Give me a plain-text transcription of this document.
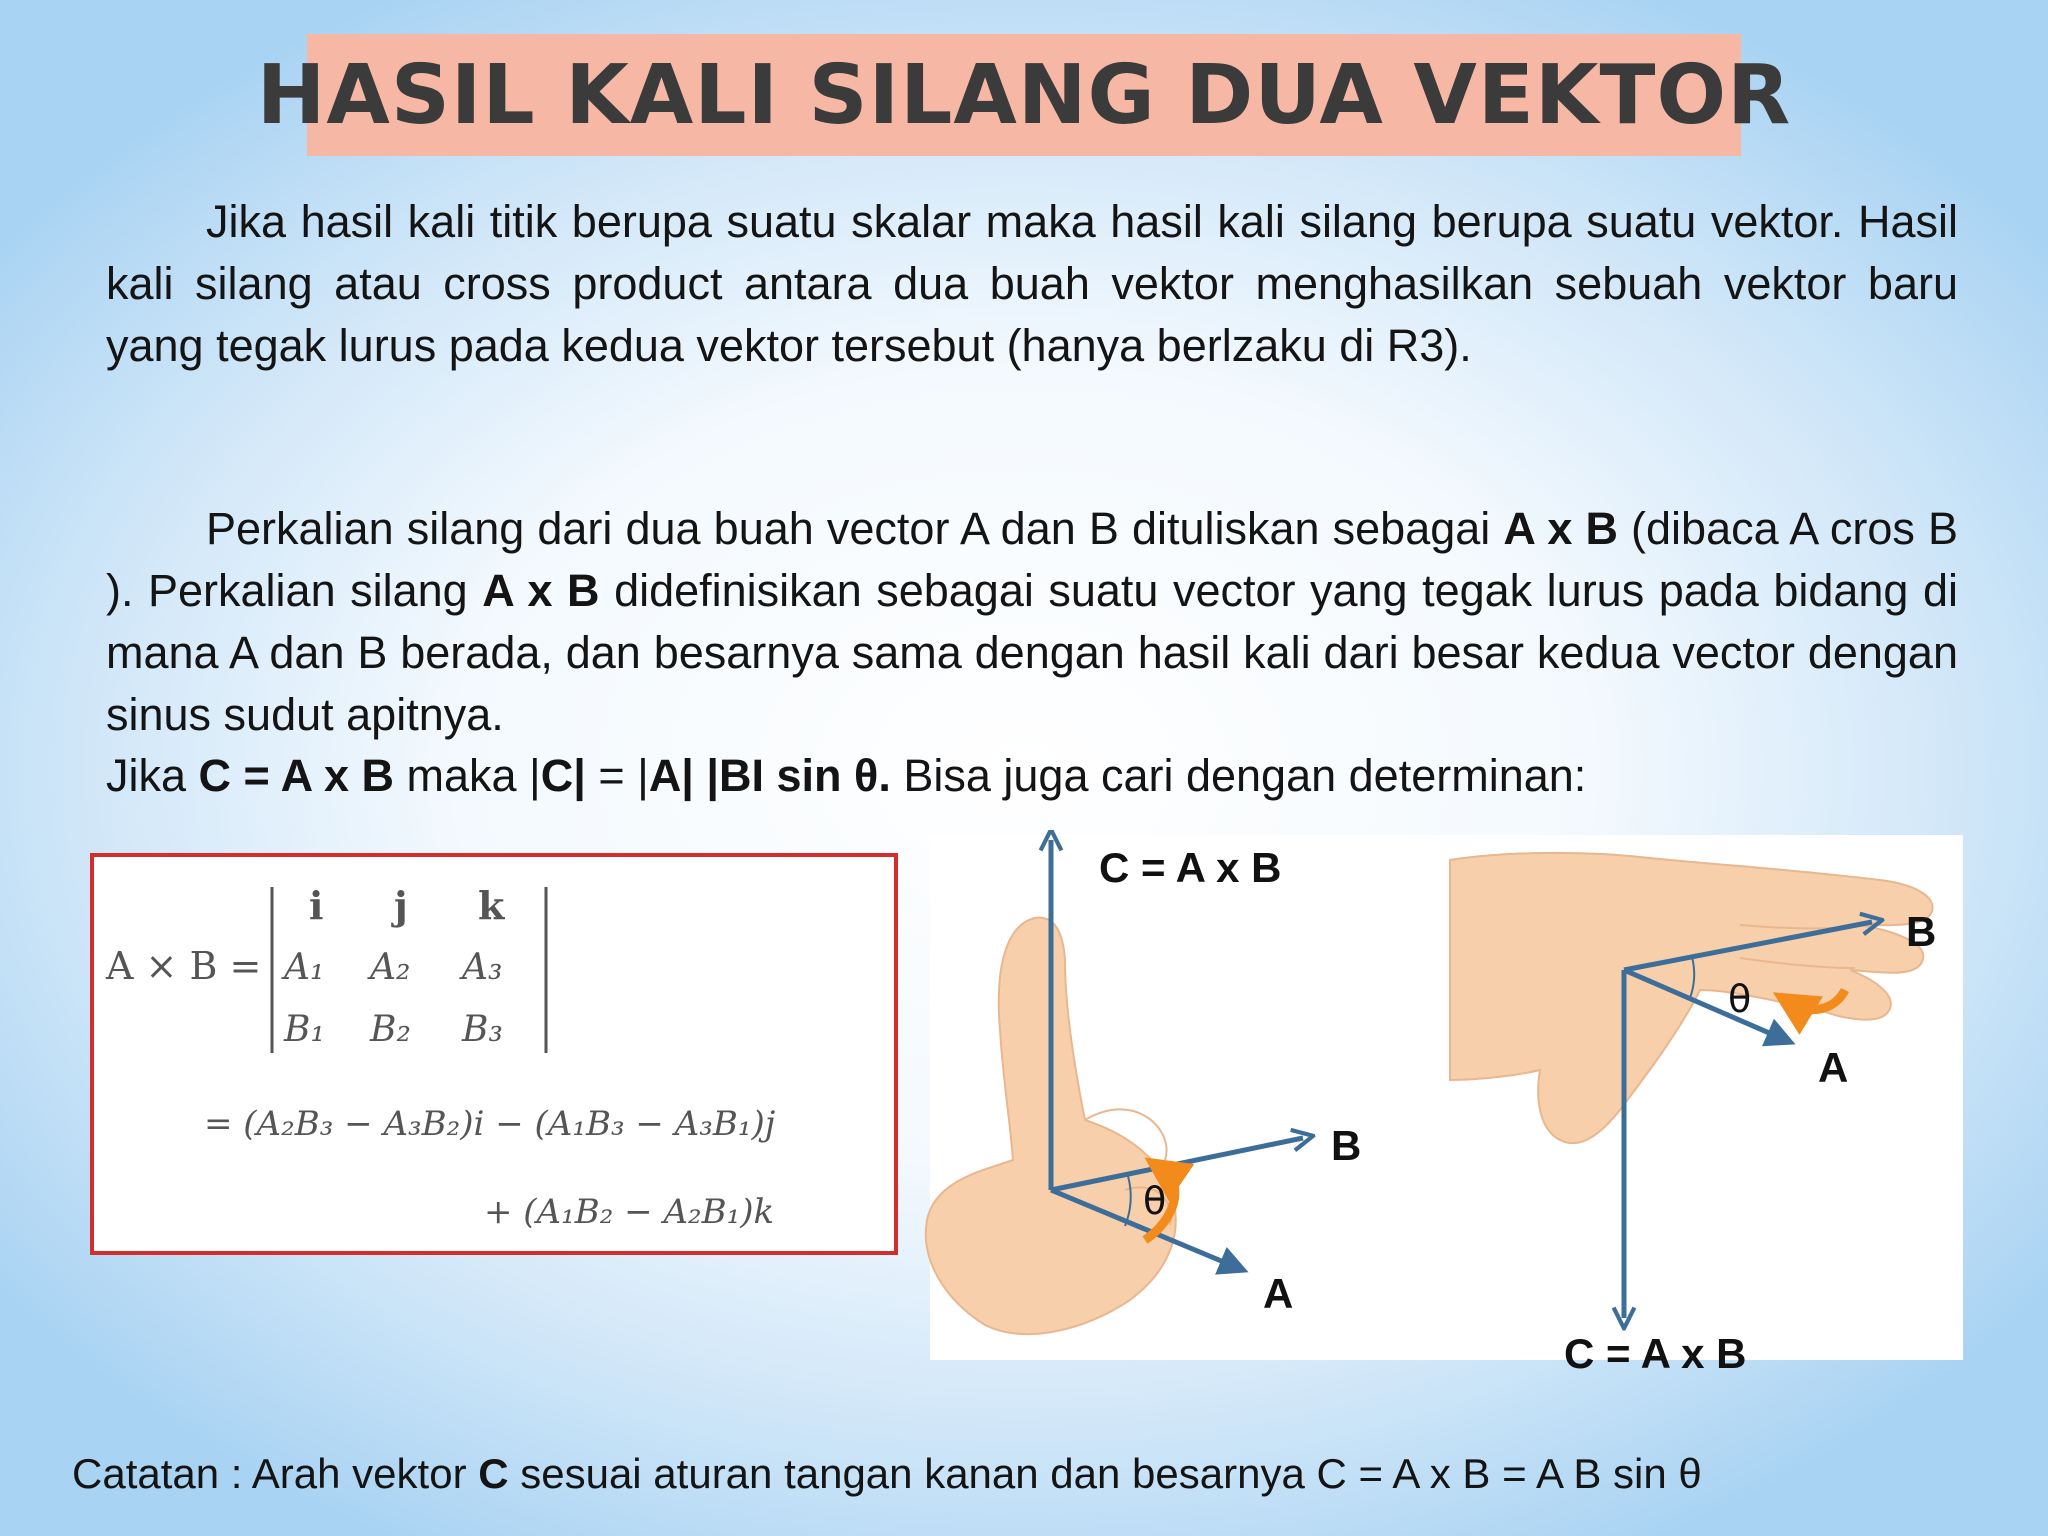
HASIL KALI SILANG DUA VEKTOR

Jika hasil kali titik berupa suatu skalar maka hasil kali silang berupa suatu vektor. Hasil kali silang atau cross product antara dua buah vektor menghasilkan sebuah vektor baru yang tegak lurus pada kedua vektor tersebut (hanya berlzaku di R3).

Perkalian silang dari dua buah vector A dan B dituliskan sebagai A x B (dibaca A cros B ). Perkalian silang A x B didefinisikan sebagai suatu vector yang tegak lurus pada bidang di mana A dan B berada, dan besarnya sama dengan hasil kali dari besar kedua vector dengan sinus sudut apitnya.

Jika C = A x B maka |C| = |A| |BI sin θ. Bisa juga cari dengan determinan:

A × B =
i j k
A₁ A₂ A₃
B₁ B₂ B₃
= (A₂B₃ − A₃B₂)i − (A₁B₃ − A₃B₁)j
+ (A₁B₂ − A₂B₁)k
C = A x B
B
A
θ
B
A
C = A x B
θ

Catatan : Arah vektor C sesuai aturan tangan kanan dan besarnya C = A x B = A B sin θ
